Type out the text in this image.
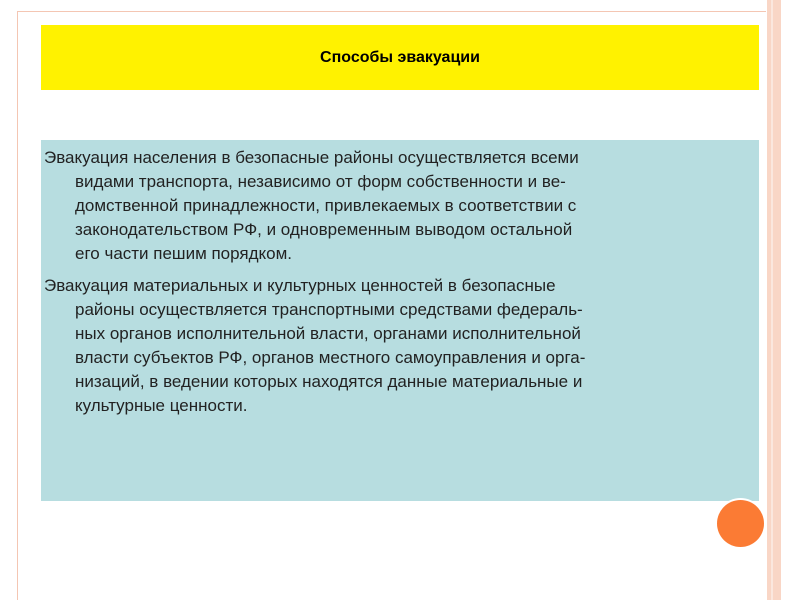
Способы эвакуации

Эвакуация населения в безопасные районы осуществляется всеми
видами транспорта, независимо от форм собственности и ве-
домственной принадлежности, привлекаемых в соответствии с
законодательством РФ, и одновременным выводом остальной
его части пешим порядком.

Эвакуация материальных и культурных ценностей в безопасные
районы осуществляется транспортными средствами федераль-
ных органов исполнительной власти, органами исполнительной
власти субъектов РФ, органов местного самоуправления и орга-
низаций, в ведении которых находятся данные материальные и
культурные ценности.
